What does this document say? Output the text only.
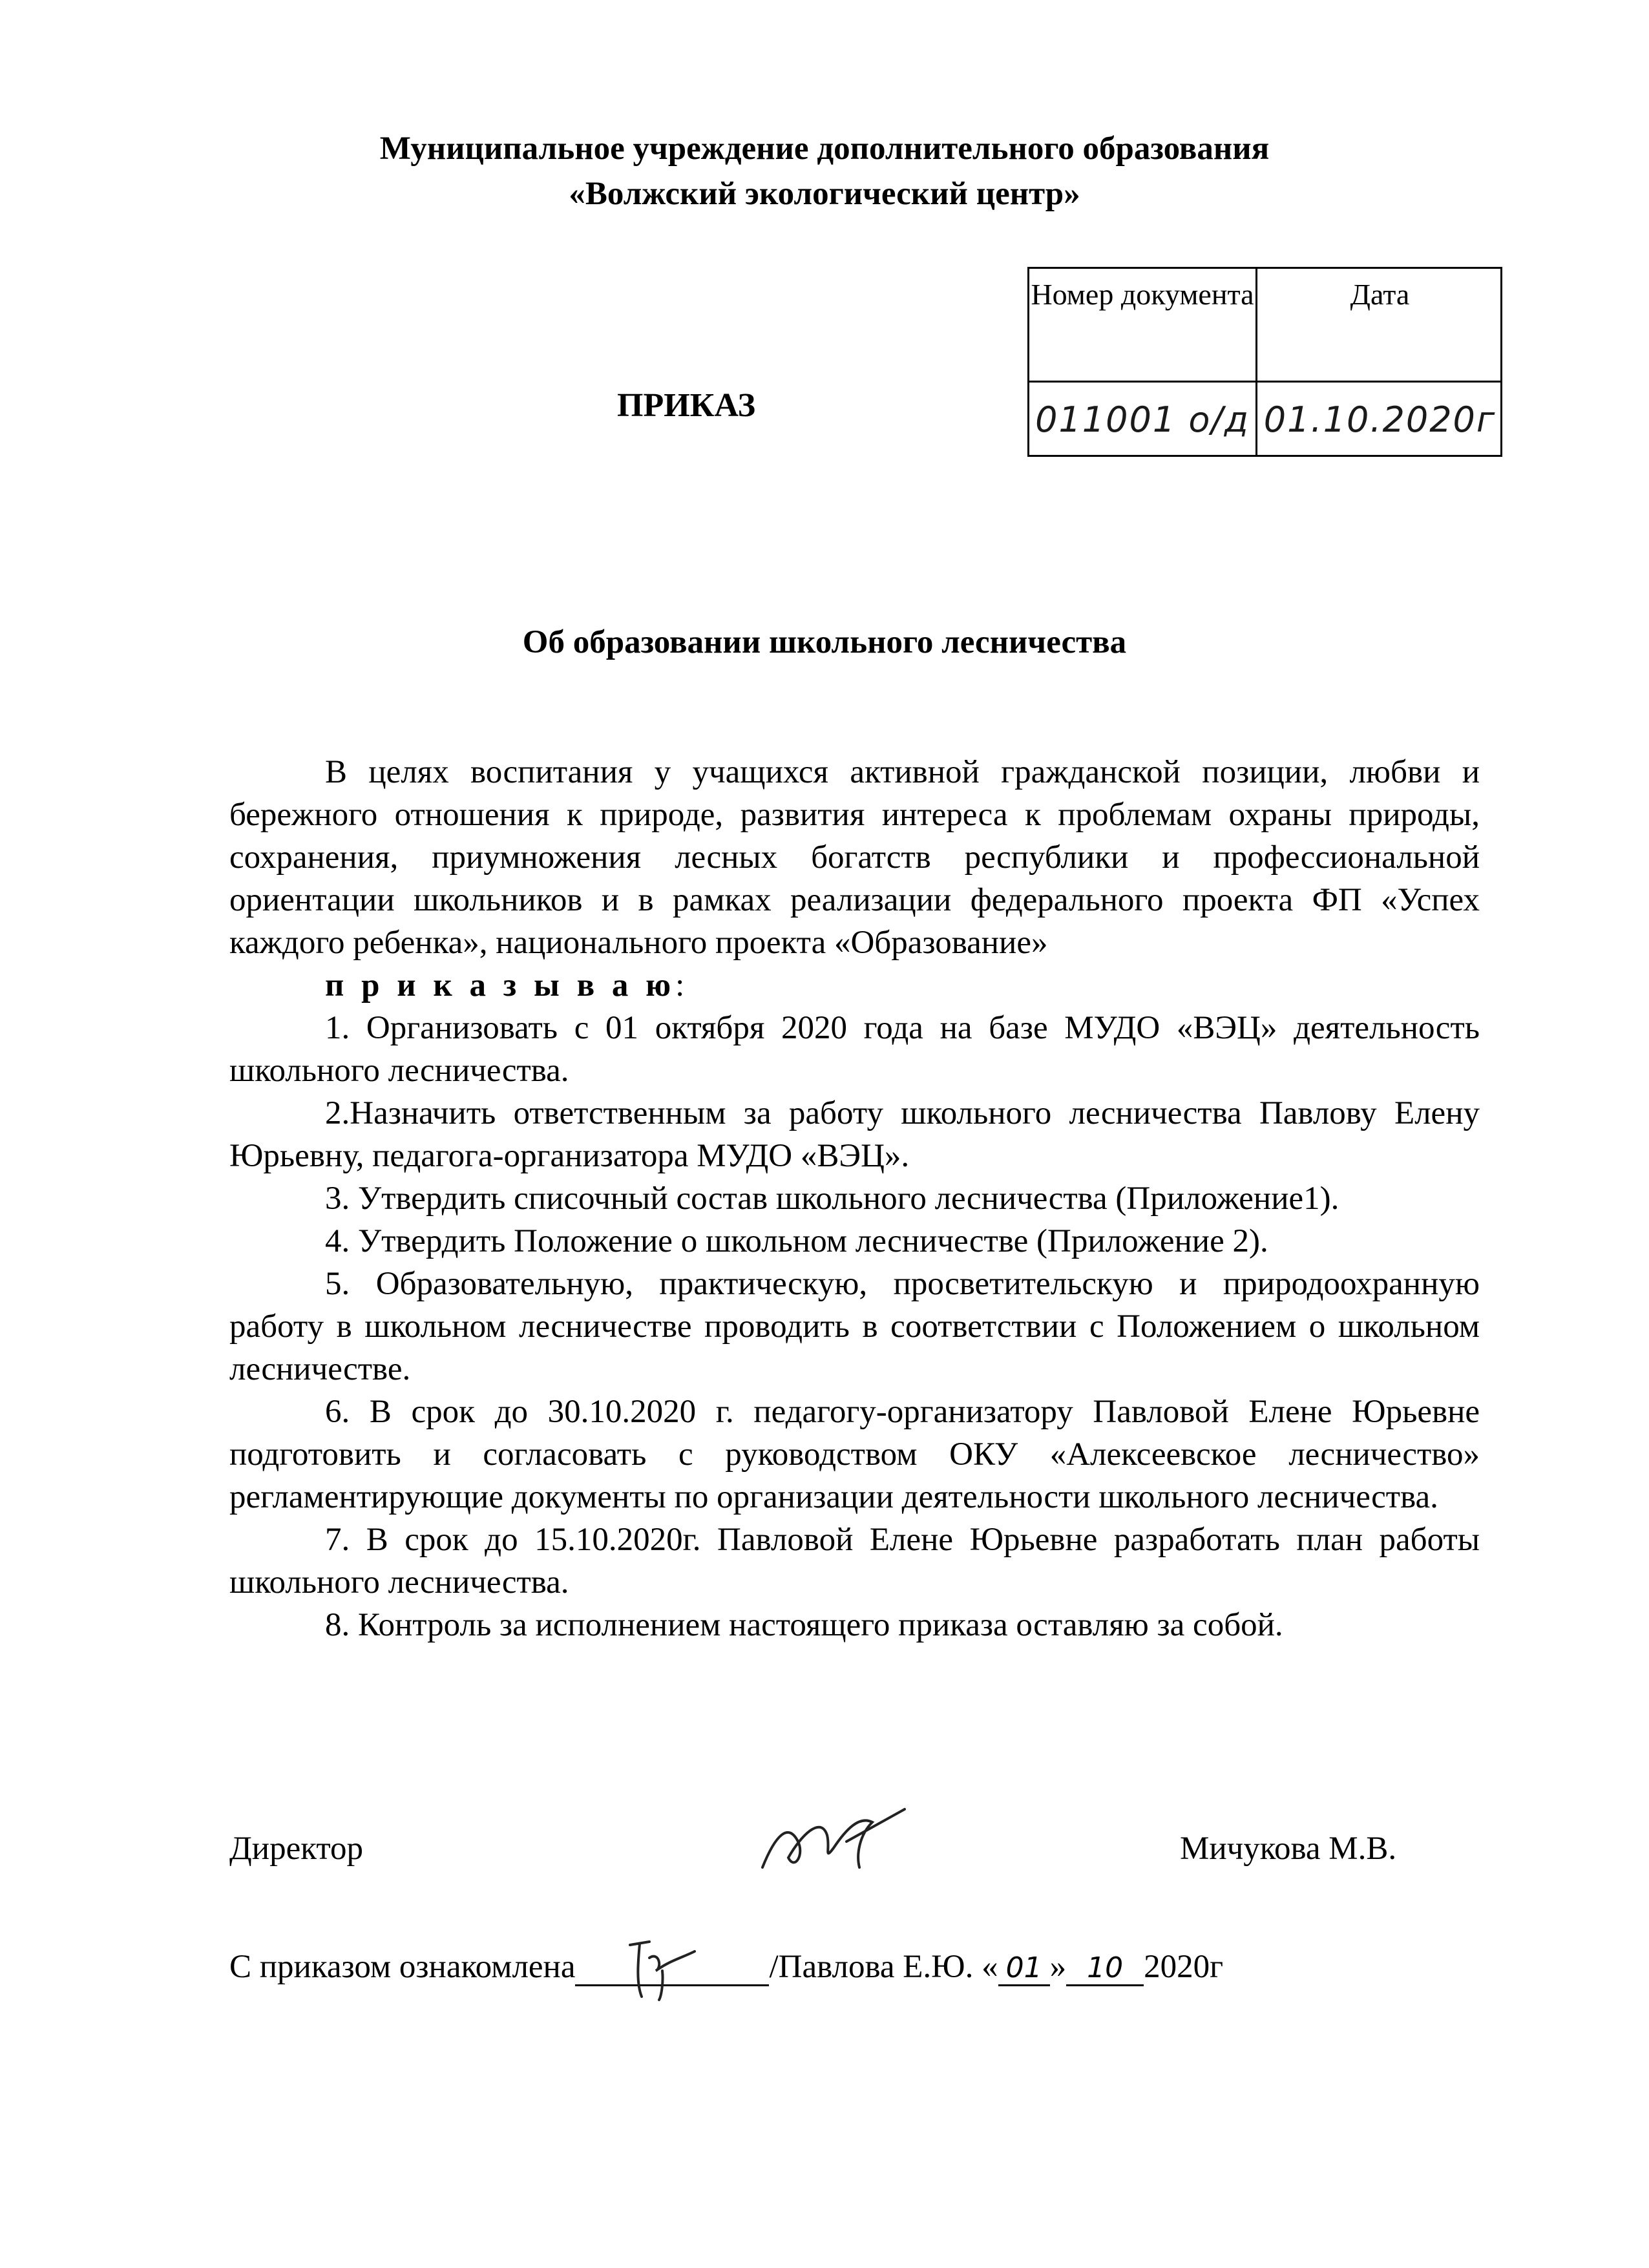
Муниципальное учреждение дополнительного образования
«Волжский экологический центр»
ПРИКАЗ
Номер документа	Дата
011001 о/д 01.10.2020г
Об образовании школьного лесничества

В целях воспитания у учащихся активной гражданской позиции, любви и бережного отношения к природе, развития интереса к проблемам охраны природы, сохранения, приумножения лесных богатств республики и профессиональной ориентации школьников и в рамках реализации федерального проекта ФП «Успех каждого ребенка», национального проекта «Образование»

п р и к а з ы в а ю:

1. Организовать с 01 октября 2020 года на базе МУДО «ВЭЦ» деятельность школьного лесничества.

2.Назначить ответственным за работу школьного лесничества Павлову Елену Юрьевну, педагога-организатора МУДО «ВЭЦ».

3. Утвердить списочный состав школьного лесничества (Приложение1).

4. Утвердить Положение о школьном лесничестве (Приложение 2).

5. Образовательную, практическую, просветительскую и природоохранную работу в школьном лесничестве проводить в соответствии с Положением о школьном лесничестве.

6. В срок до 30.10.2020 г. педагогу-организатору Павловой Елене Юрьевне подготовить и согласовать с руководством ОКУ «Алексеевское лесничество» регламентирующие документы по организации деятельности школьного лесничества.

7. В срок до 15.10.2020г. Павловой Елене Юрьевне разработать план работы школьного лесничества.

8. Контроль за исполнением настоящего приказа оставляю за собой.

Директор	Мичукова М.В.
С приказом ознакомлена	/Павлова Е.Ю. « 01 » 10 2020г
